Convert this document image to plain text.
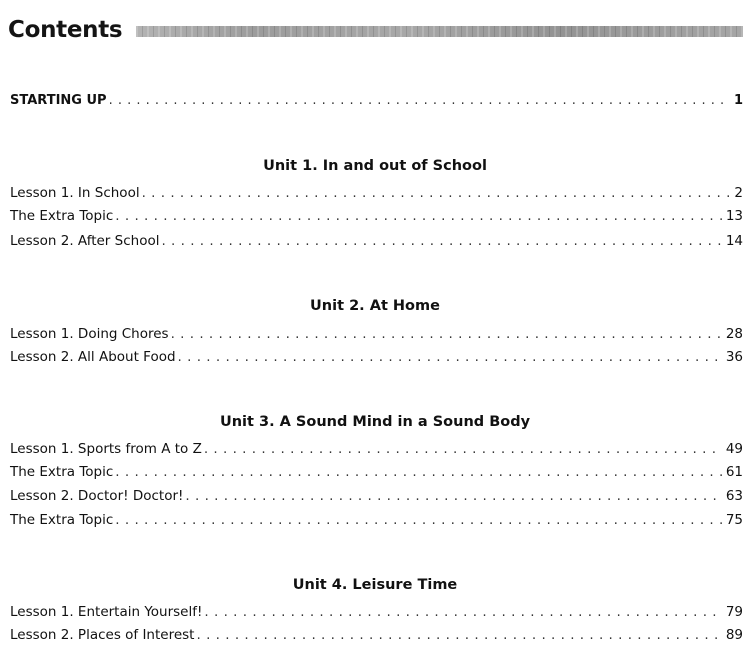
Contents
STARTING UP . . .	1
Unit 1. In and out of School
Lesson 1. In School . . .	2
The Extra Topic . . .	13
Lesson 2. After School . . .	14
Unit 2. At Home
Lesson 1. Doing Chores . . .	28
Lesson 2. All About Food . . .	36
Unit 3. A Sound Mind in a Sound Body
Lesson 1. Sports from A to Z . . .	49
The Extra Topic . . .	61
Lesson 2. Doctor! Doctor! . . .	63
The Extra Topic . . .	75
Unit 4. Leisure Time
Lesson 1. Entertain Yourself! . . .	79
Lesson 2. Places of Interest . . .	89
